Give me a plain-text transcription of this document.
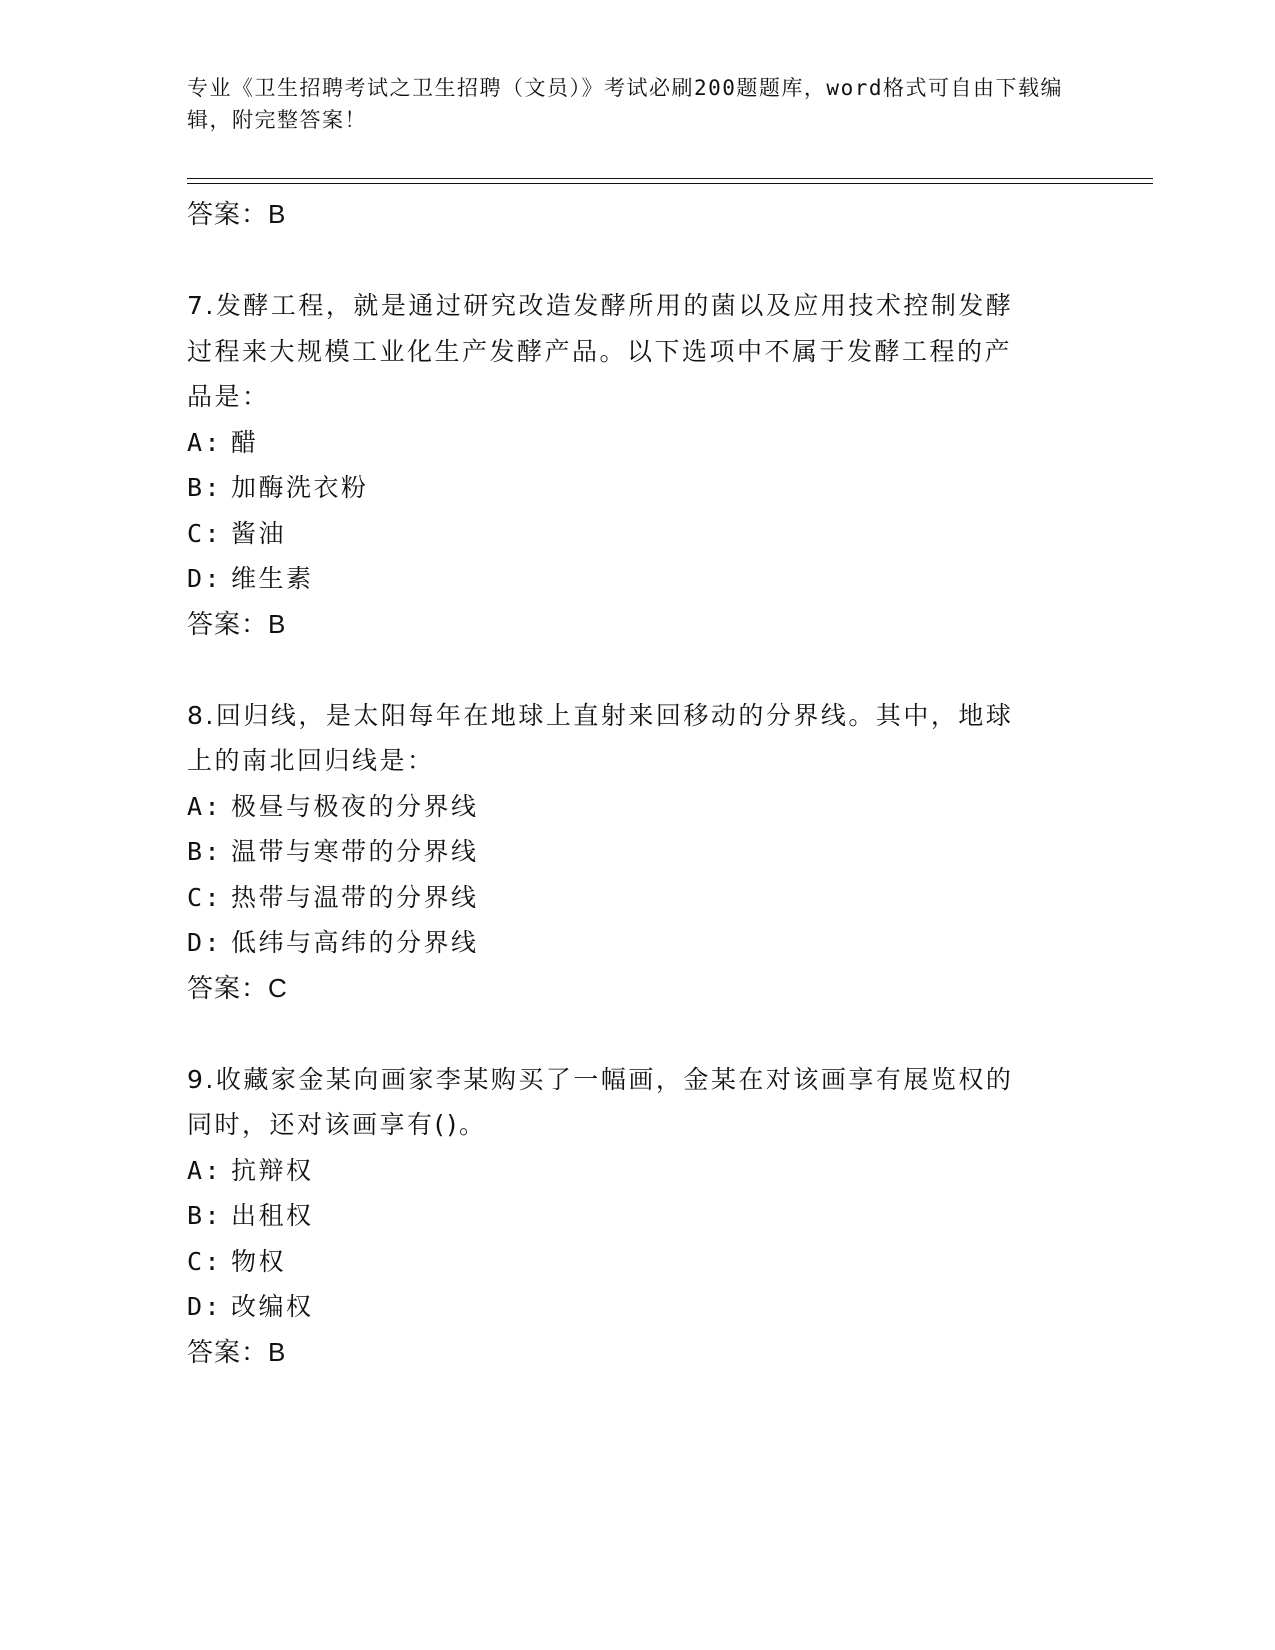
专业《卫生招聘考试之卫生招聘（文员）》考试必刷200题题库，word格式可自由下载编辑，附完整答案！
答案：B
7.发酵工程，就是通过研究改造发酵所用的菌以及应用技术控制发酵过程来大规模工业化生产发酵产品。以下选项中不属于发酵工程的产品是：
A: 醋
B: 加酶洗衣粉
C: 酱油
D: 维生素
答案：B
8.回归线，是太阳每年在地球上直射来回移动的分界线。其中，地球上的南北回归线是：
A: 极昼与极夜的分界线
B: 温带与寒带的分界线
C: 热带与温带的分界线
D: 低纬与高纬的分界线
答案：C
9.收藏家金某向画家李某购买了一幅画，金某在对该画享有展览权的同时，还对该画享有()。
A: 抗辩权
B: 出租权
C: 物权
D: 改编权
答案：B
